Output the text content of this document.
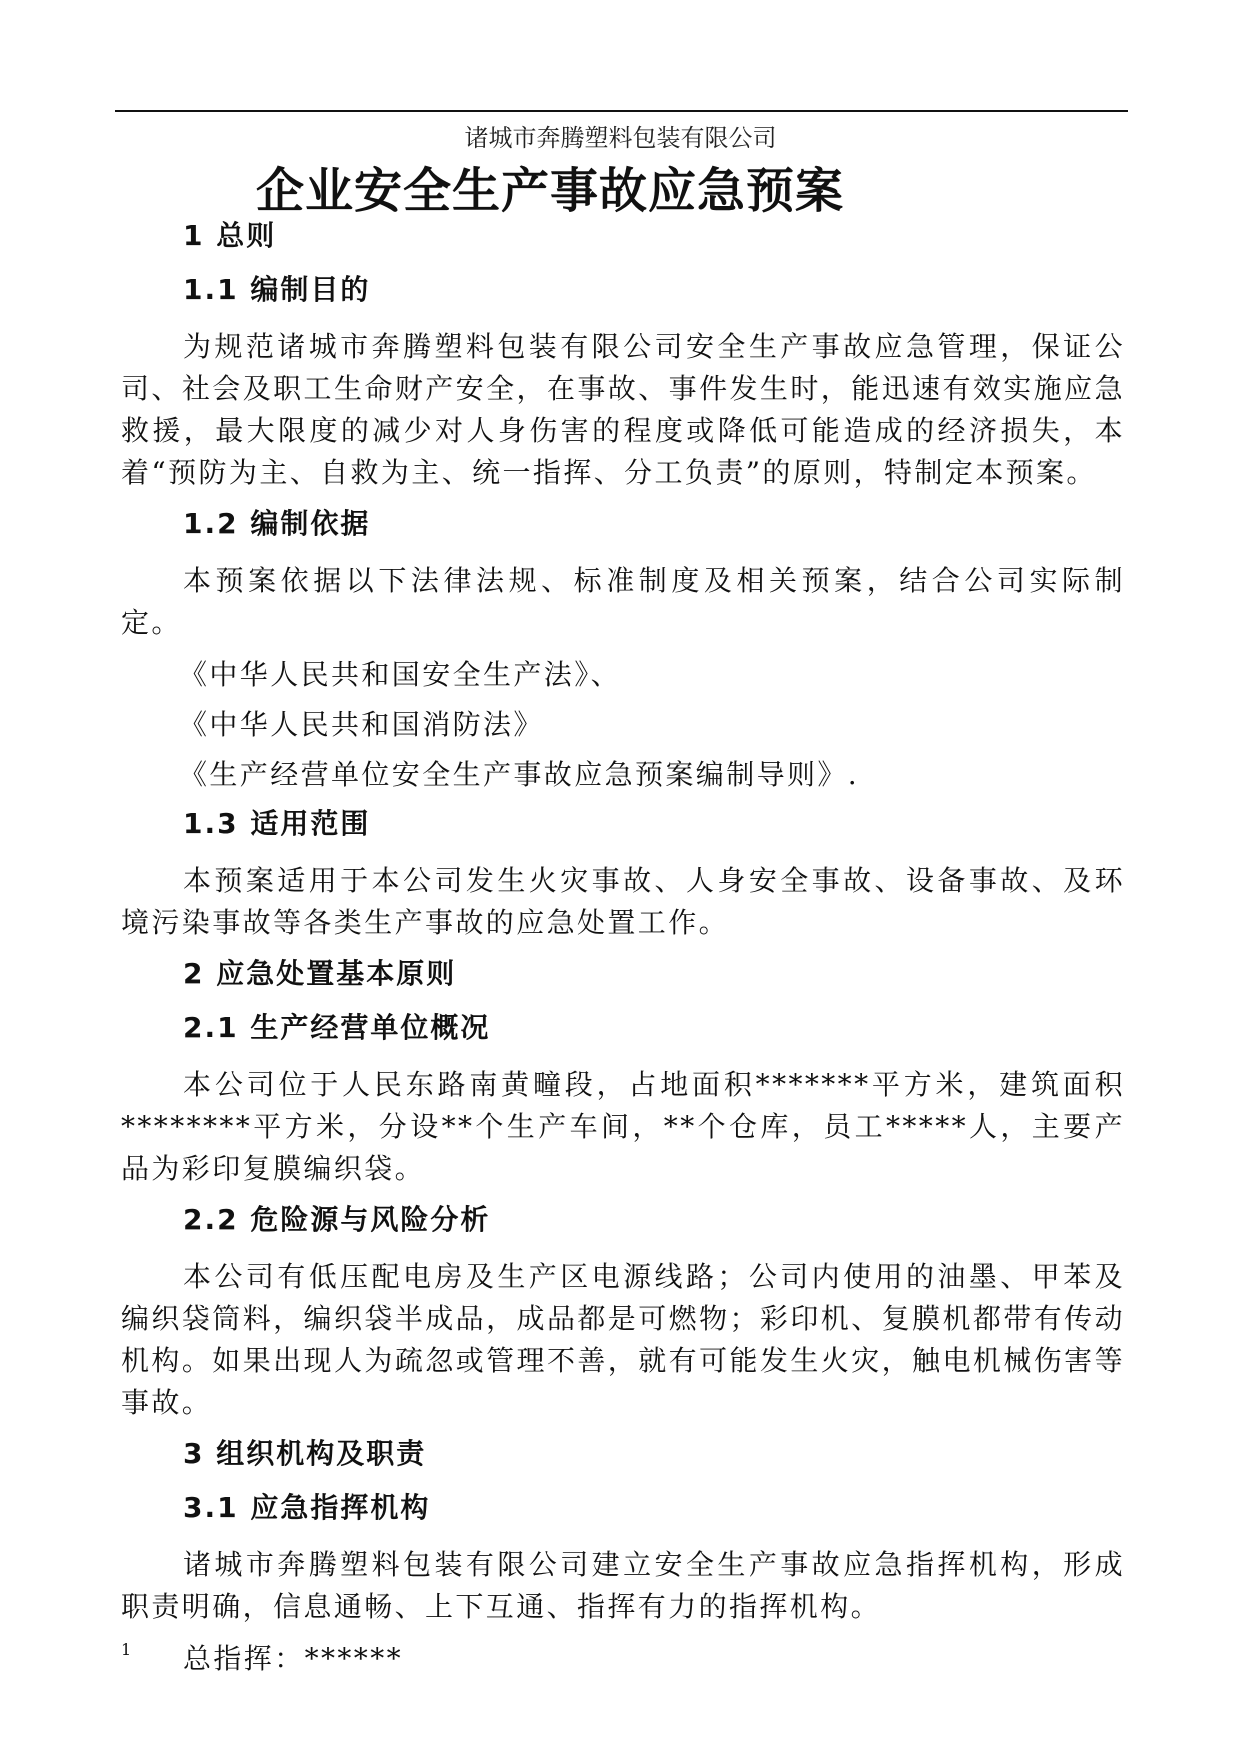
诸城市奔腾塑料包装有限公司
企业安全生产事故应急预案
1 总则
1.1 编制目的
为规范诸城市奔腾塑料包装有限公司安全生产事故应急管理，保证公司、社会及职工生命财产安全，在事故、事件发生时，能迅速有效实施应急救援，最大限度的减少对人身伤害的程度或降低可能造成的经济损失，本着“预防为主、自救为主、统一指挥、分工负责”的原则，特制定本预案。
1.2 编制依据
本预案依据以下法律法规、标准制度及相关预案，结合公司实际制定。
《中华人民共和国安全生产法》、
《中华人民共和国消防法》
《生产经营单位安全生产事故应急预案编制导则》.
1.3 适用范围
本预案适用于本公司发生火灾事故、人身安全事故、设备事故、及环境污染事故等各类生产事故的应急处置工作。
2 应急处置基本原则
2.1 生产经营单位概况
本公司位于人民东路南黄疃段，占地面积*******平方米，建筑面积********平方米，分设**个生产车间，**个仓库，员工*****人，主要产品为彩印复膜编织袋。
2.2 危险源与风险分析
本公司有低压配电房及生产区电源线路；公司内使用的油墨、甲苯及编织袋筒料，编织袋半成品，成品都是可燃物；彩印机、复膜机都带有传动机构。如果出现人为疏忽或管理不善，就有可能发生火灾，触电机械伤害等事故。
3 组织机构及职责
3.1 应急指挥机构
诸城市奔腾塑料包装有限公司建立安全生产事故应急指挥机构，形成职责明确，信息通畅、上下互通、指挥有力的指挥机构。
总指挥：******
1
